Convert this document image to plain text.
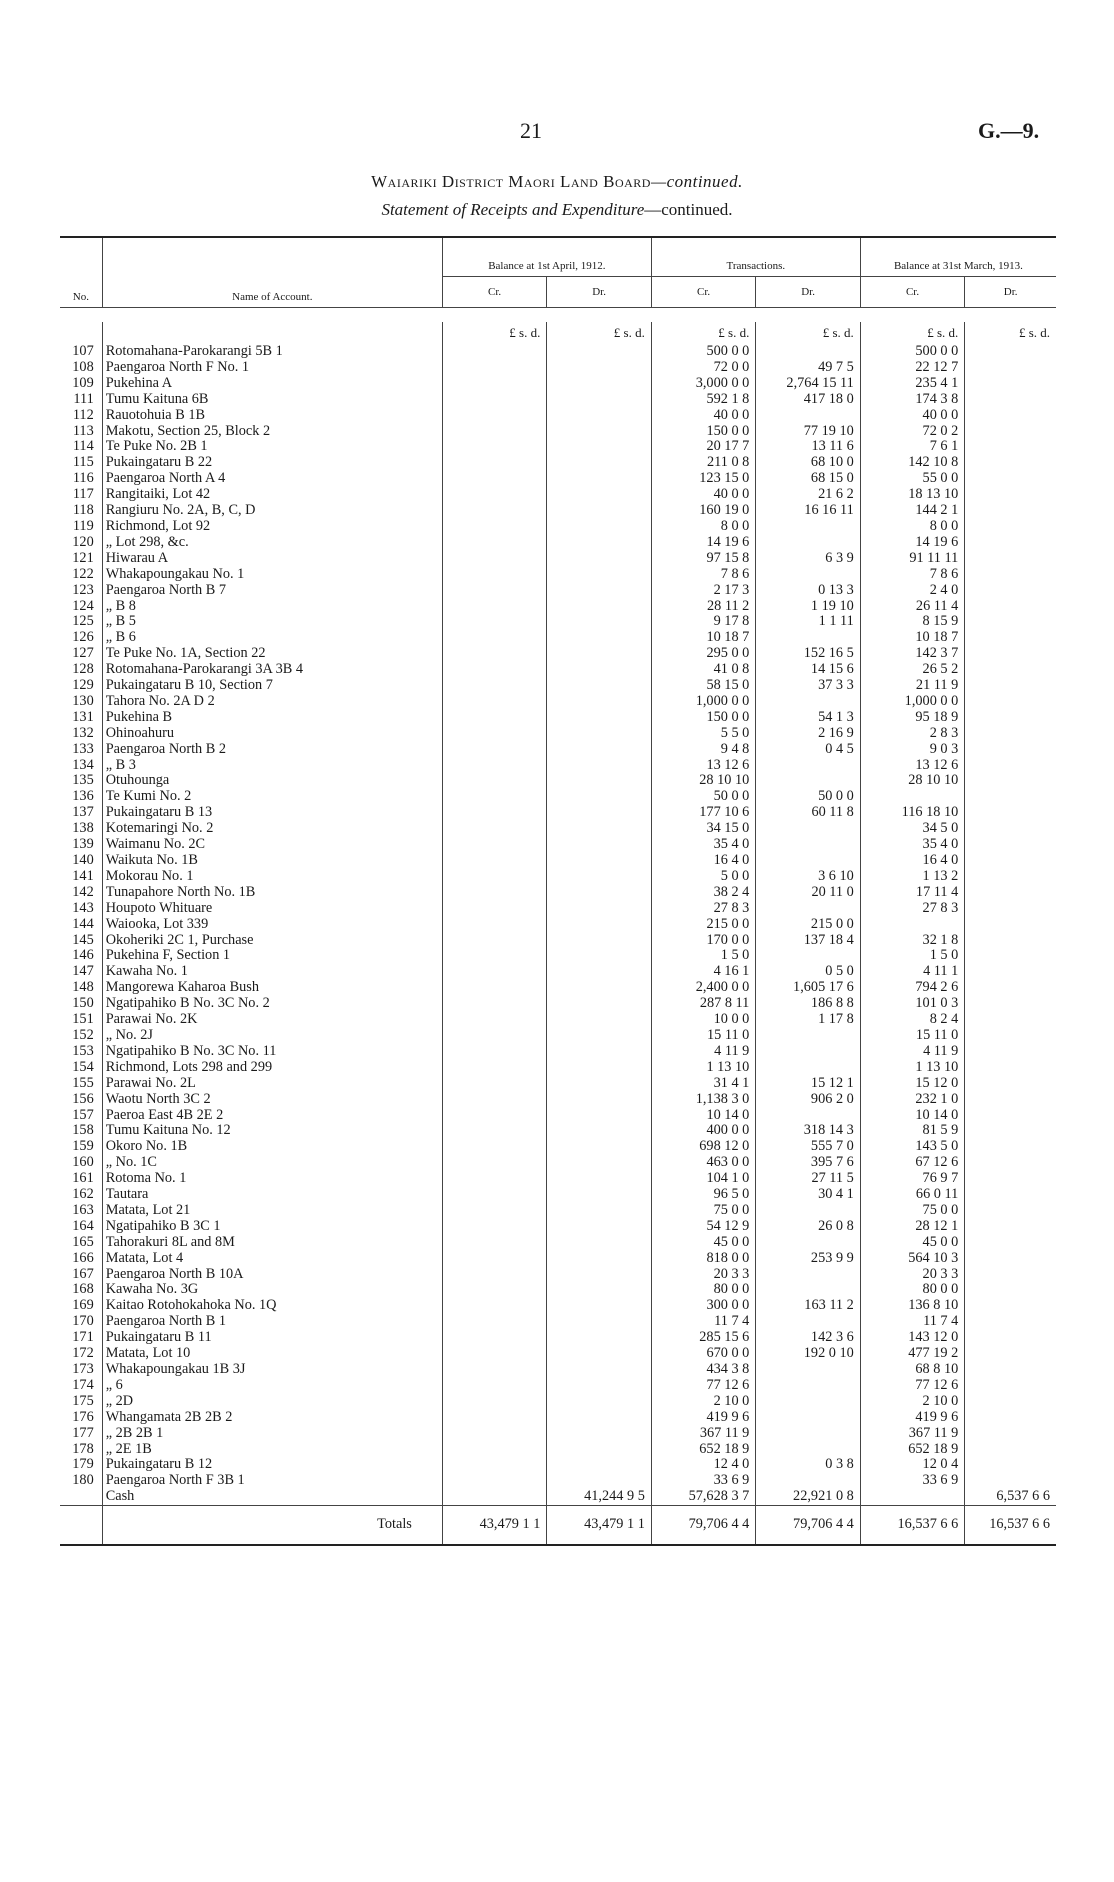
21	G.—9.
Waiariki District Maori Land Board—continued.
Statement of Receipts and Expenditure—continued.

No.	Name of Account.	Balance at 1st April, 1912.		Transactions.		Balance at 31st March, 1913.	
		Cr.	Dr.	Cr.	Dr.	Cr.	Dr.

		£ s. d.	£ s. d.	£ s. d.	£ s. d.	£ s. d.	£ s. d.
107	Rotomahana-Parokarangi 5B 1			500 0 0		500 0 0	
108	Paengaroa North F No. 1			72 0 0	49 7 5	22 12 7	
109	Pukehina A			3,000 0 0	2,764 15 11	235 4 1	
111	Tumu Kaituna 6B			592 1 8	417 18 0	174 3 8	
112	Rauotohuia B 1B			40 0 0		40 0 0	
113	Makotu, Section 25, Block 2			150 0 0	77 19 10	72 0 2	
114	Te Puke No. 2B 1			20 17 7	13 11 6	7 6 1	
115	Pukaingataru B 22			211 0 8	68 10 0	142 10 8	
116	Paengaroa North A 4			123 15 0	68 15 0	55 0 0	
117	Rangitaiki, Lot 42			40 0 0	21 6 2	18 13 10	
118	Rangiuru No. 2A, B, C, D			160 19 0	16 16 11	144 2 1	
119	Richmond, Lot 92			8 0 0		8 0 0	
120	„ Lot 298, &c.			14 19 6		14 19 6	
121	Hiwarau A			97 15 8	6 3 9	91 11 11	
122	Whakapoungakau No. 1			7 8 6		7 8 6	
123	Paengaroa North B 7			2 17 3	0 13 3	2 4 0	
124	„ B 8			28 11 2	1 19 10	26 11 4	
125	„ B 5			9 17 8	1 1 11	8 15 9	
126	„ B 6			10 18 7		10 18 7	
127	Te Puke No. 1A, Section 22			295 0 0	152 16 5	142 3 7	
128	Rotomahana-Parokarangi 3A 3B 4			41 0 8	14 15 6	26 5 2	
129	Pukaingataru B 10, Section 7			58 15 0	37 3 3	21 11 9	
130	Tahora No. 2A D 2			1,000 0 0		1,000 0 0	
131	Pukehina B			150 0 0	54 1 3	95 18 9	
132	Ohinoahuru			5 5 0	2 16 9	2 8 3	
133	Paengaroa North B 2			9 4 8	0 4 5	9 0 3	
134	„ B 3			13 12 6		13 12 6	
135	Otuhounga			28 10 10		28 10 10	
136	Te Kumi No. 2			50 0 0	50 0 0		
137	Pukaingataru B 13			177 10 6	60 11 8	116 18 10	
138	Kotemaringi No. 2			34 15 0		34 5 0	
139	Waimanu No. 2C			35 4 0		35 4 0	
140	Waikuta No. 1B			16 4 0		16 4 0	
141	Mokorau No. 1			5 0 0	3 6 10	1 13 2	
142	Tunapahore North No. 1B			38 2 4	20 11 0	17 11 4	
143	Houpoto Whituare			27 8 3		27 8 3	
144	Waiooka, Lot 339			215 0 0	215 0 0		
145	Okoheriki 2C 1, Purchase			170 0 0	137 18 4	32 1 8	
146	Pukehina F, Section 1			1 5 0		1 5 0	
147	Kawaha No. 1			4 16 1	0 5 0	4 11 1	
148	Mangorewa Kaharoa Bush			2,400 0 0	1,605 17 6	794 2 6	
150	Ngatipahiko B No. 3C No. 2			287 8 11	186 8 8	101 0 3	
151	Parawai No. 2K			10 0 0	1 17 8	8 2 4	
152	„ No. 2J			15 11 0		15 11 0	
153	Ngatipahiko B No. 3C No. 11			4 11 9		4 11 9	
154	Richmond, Lots 298 and 299			1 13 10		1 13 10	
155	Parawai No. 2L			31 4 1	15 12 1	15 12 0	
156	Waotu North 3C 2			1,138 3 0	906 2 0	232 1 0	
157	Paeroa East 4B 2E 2			10 14 0		10 14 0	
158	Tumu Kaituna No. 12			400 0 0	318 14 3	81 5 9	
159	Okoro No. 1B			698 12 0	555 7 0	143 5 0	
160	„ No. 1C			463 0 0	395 7 6	67 12 6	
161	Rotoma No. 1			104 1 0	27 11 5	76 9 7	
162	Tautara			96 5 0	30 4 1	66 0 11	
163	Matata, Lot 21			75 0 0		75 0 0	
164	Ngatipahiko B 3C 1			54 12 9	26 0 8	28 12 1	
165	Tahorakuri 8L and 8M			45 0 0		45 0 0	
166	Matata, Lot 4			818 0 0	253 9 9	564 10 3	
167	Paengaroa North B 10A			20 3 3		20 3 3	
168	Kawaha No. 3G			80 0 0		80 0 0	
169	Kaitao Rotohokahoka No. 1Q			300 0 0	163 11 2	136 8 10	
170	Paengaroa North B 1			11 7 4		11 7 4	
171	Pukaingataru B 11			285 15 6	142 3 6	143 12 0	
172	Matata, Lot 10			670 0 0	192 0 10	477 19 2	
173	Whakapoungakau 1B 3J			434 3 8		68 8 10	
174	„ 6			77 12 6		77 12 6	
175	„ 2D			2 10 0		2 10 0	
176	Whangamata 2B 2B 2			419 9 6		419 9 6	
177	„ 2B 2B 1			367 11 9		367 11 9	
178	„ 2E 1B			652 18 9		652 18 9	
179	Pukaingataru B 12			12 4 0	0 3 8	12 0 4	
180	Paengaroa North F 3B 1			33 6 9		33 6 9	
	Cash		41,244 9 5	57,628 3 7	22,921 0 8		6,537 6 6
	Totals	43,479 1 1	43,479 1 1	79,706 4 4	79,706 4 4	16,537 6 6	16,537 6 6
